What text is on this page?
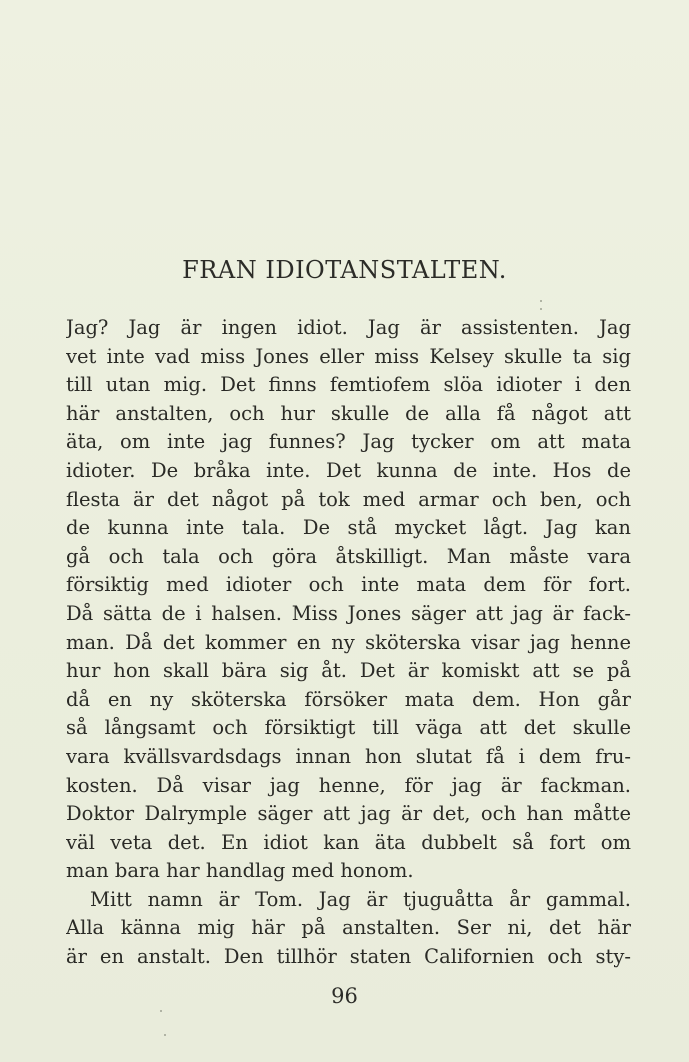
FRAN IDIOTANSTALTEN.
Jag? Jag är ingen idiot. Jag är assistenten. Jag
vet inte vad miss Jones eller miss Kelsey skulle ta sig
till utan mig. Det finns femtiofem slöa idioter i den
här anstalten, och hur skulle de alla få något att
äta, om inte jag funnes? Jag tycker om att mata
idioter. De bråka inte. Det kunna de inte. Hos de
flesta är det något på tok med armar och ben, och
de kunna inte tala. De stå mycket lågt. Jag kan
gå och tala och göra åtskilligt. Man måste vara
försiktig med idioter och inte mata dem för fort.
Då sätta de i halsen. Miss Jones säger att jag är fack-
man. Då det kommer en ny sköterska visar jag henne
hur hon skall bära sig åt. Det är komiskt att se på
då en ny sköterska försöker mata dem. Hon går
så långsamt och försiktigt till väga att det skulle
vara kvällsvardsdags innan hon slutat få i dem fru-
kosten. Då visar jag henne, för jag är fackman.
Doktor Dalrymple säger att jag är det, och han måtte
väl veta det. En idiot kan äta dubbelt så fort om
man bara har handlag med honom.
Mitt namn är Tom. Jag är tjuguåtta år gammal.
Alla känna mig här på anstalten. Ser ni, det här
är en anstalt. Den tillhör staten Californien och sty-
96
